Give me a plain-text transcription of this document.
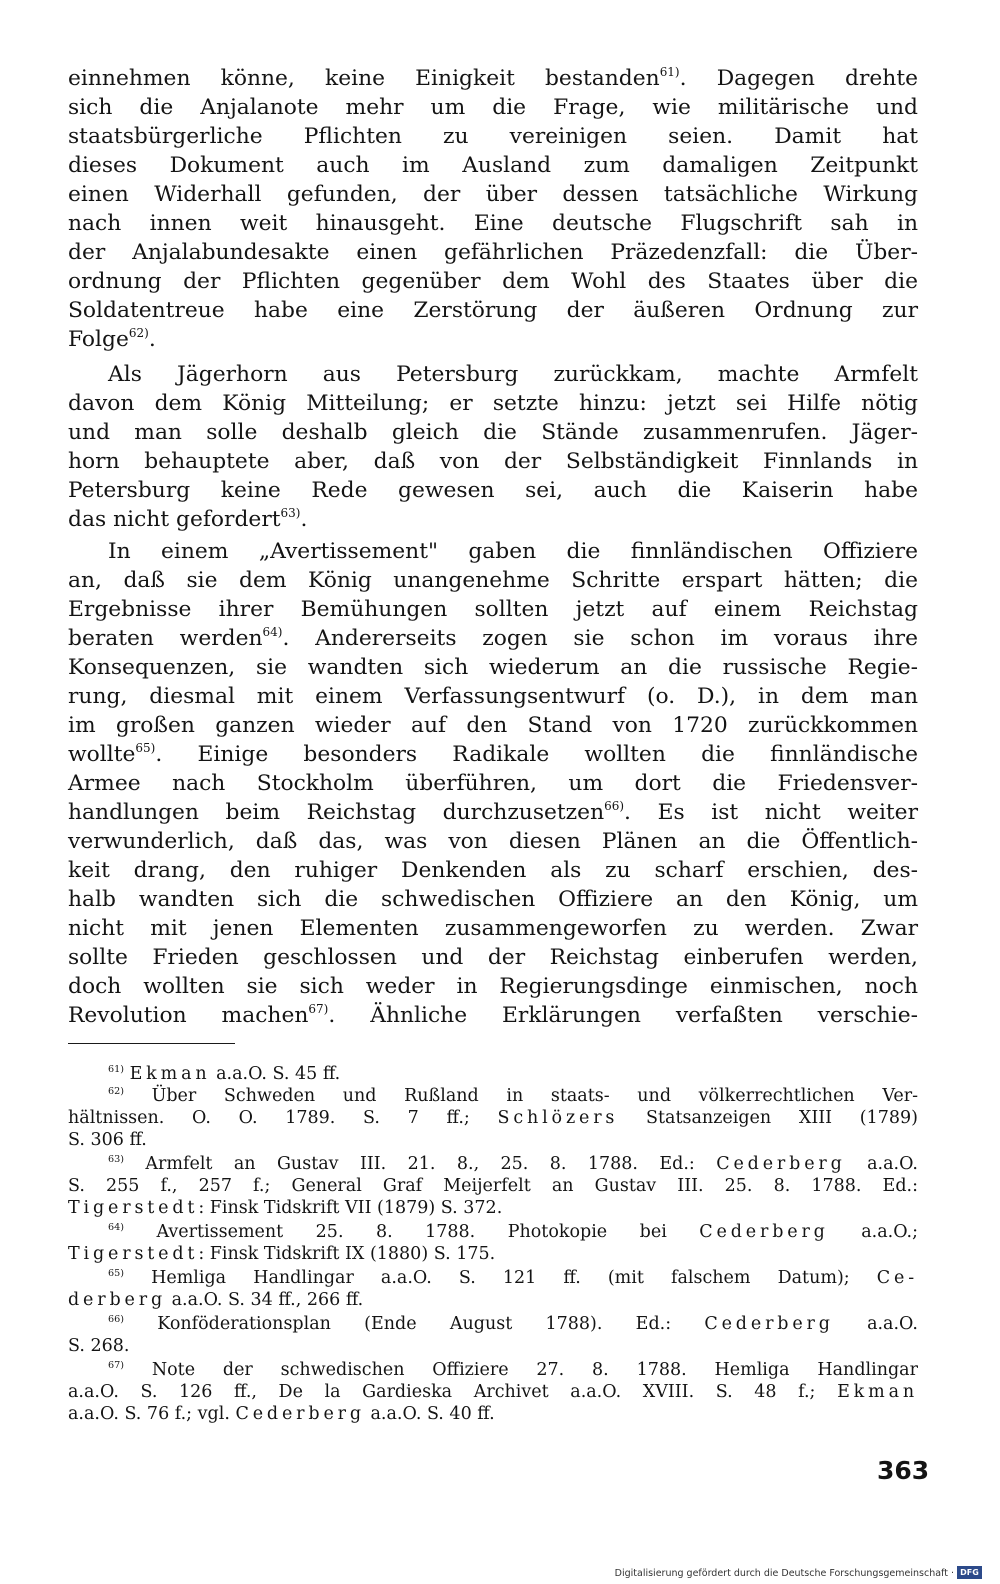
einnehmen könne, keine Einigkeit bestanden$^{61)}$. Dagegen drehte
sich die Anjalanote mehr um die Frage, wie militärische und
staatsbürgerliche Pflichten zu vereinigen seien. Damit hat
dieses Dokument auch im Ausland zum damaligen Zeitpunkt
einen Widerhall gefunden, der über dessen tatsächliche Wirkung
nach innen weit hinausgeht. Eine deutsche Flugschrift sah in
der Anjalabundesakte einen gefährlichen Präzedenzfall: die Über-
ordnung der Pflichten gegenüber dem Wohl des Staates über die
Soldatentreue habe eine Zerstörung der äußeren Ordnung zur
Folge$^{62)}$.
Als Jägerhorn aus Petersburg zurückkam, machte Armfelt
davon dem König Mitteilung; er setzte hinzu: jetzt sei Hilfe nötig
und man solle deshalb gleich die Stände zusammenrufen. Jäger-
horn behauptete aber, daß von der Selbständigkeit Finnlands in
Petersburg keine Rede gewesen sei, auch die Kaiserin habe
das nicht gefordert$^{63)}$.
In einem „Avertissement" gaben die finnländischen Offiziere
an, daß sie dem König unangenehme Schritte erspart hätten; die
Ergebnisse ihrer Bemühungen sollten jetzt auf einem Reichstag
beraten werden$^{64)}$. Andererseits zogen sie schon im voraus ihre
Konsequenzen, sie wandten sich wiederum an die russische Regie-
rung, diesmal mit einem Verfassungsentwurf (o. D.), in dem man
im großen ganzen wieder auf den Stand von 1720 zurückkommen
wollte$^{65)}$. Einige besonders Radikale wollten die finnländische
Armee nach Stockholm überführen, um dort die Friedensver-
handlungen beim Reichstag durchzusetzen$^{66)}$. Es ist nicht weiter
verwunderlich, daß das, was von diesen Plänen an die Öffentlich-
keit drang, den ruhiger Denkenden als zu scharf erschien, des-
halb wandten sich die schwedischen Offiziere an den König, um
nicht mit jenen Elementen zusammengeworfen zu werden. Zwar
sollte Frieden geschlossen und der Reichstag einberufen werden,
doch wollten sie sich weder in Regierungsdinge einmischen, noch
Revolution machen$^{67)}$. Ähnliche Erklärungen verfaßten verschie-
$^{61)}$ Ekman a.a.O. S. 45 ff.
$^{62)}$ Über Schweden und Rußland in staats- und völkerrechtlichen Ver-
hältnissen. O. O. 1789. S. 7 ff.; Schlözers Statsanzeigen XIII (1789)
S. 306 ff.
$^{63)}$ Armfelt an Gustav III. 21. 8., 25. 8. 1788. Ed.: Cederberg a.a.O.
S. 255 f., 257 f.; General Graf Meijerfelt an Gustav III. 25. 8. 1788. Ed.:
Tigerstedt: Finsk Tidskrift VII (1879) S. 372.
$^{64)}$ Avertissement 25. 8. 1788. Photokopie bei Cederberg a.a.O.;
Tigerstedt: Finsk Tidskrift IX (1880) S. 175.
$^{65)}$ Hemliga Handlingar a.a.O. S. 121 ff. (mit falschem Datum); Ce-
derberg a.a.O. S. 34 ff., 266 ff.
$^{66)}$ Konföderationsplan (Ende August 1788). Ed.: Cederberg a.a.O.
S. 268.
$^{67)}$ Note der schwedischen Offiziere 27. 8. 1788. Hemliga Handlingar
a.a.O. S. 126 ff., De la Gardieska Archivet a.a.O. XVIII. S. 48 f.; Ekman
a.a.O. S. 76 f.; vgl. Cederberg a.a.O. S. 40 ff.
363
Digitalisierung gefördert durch die Deutsche Forschungsgemeinschaft · DFG
